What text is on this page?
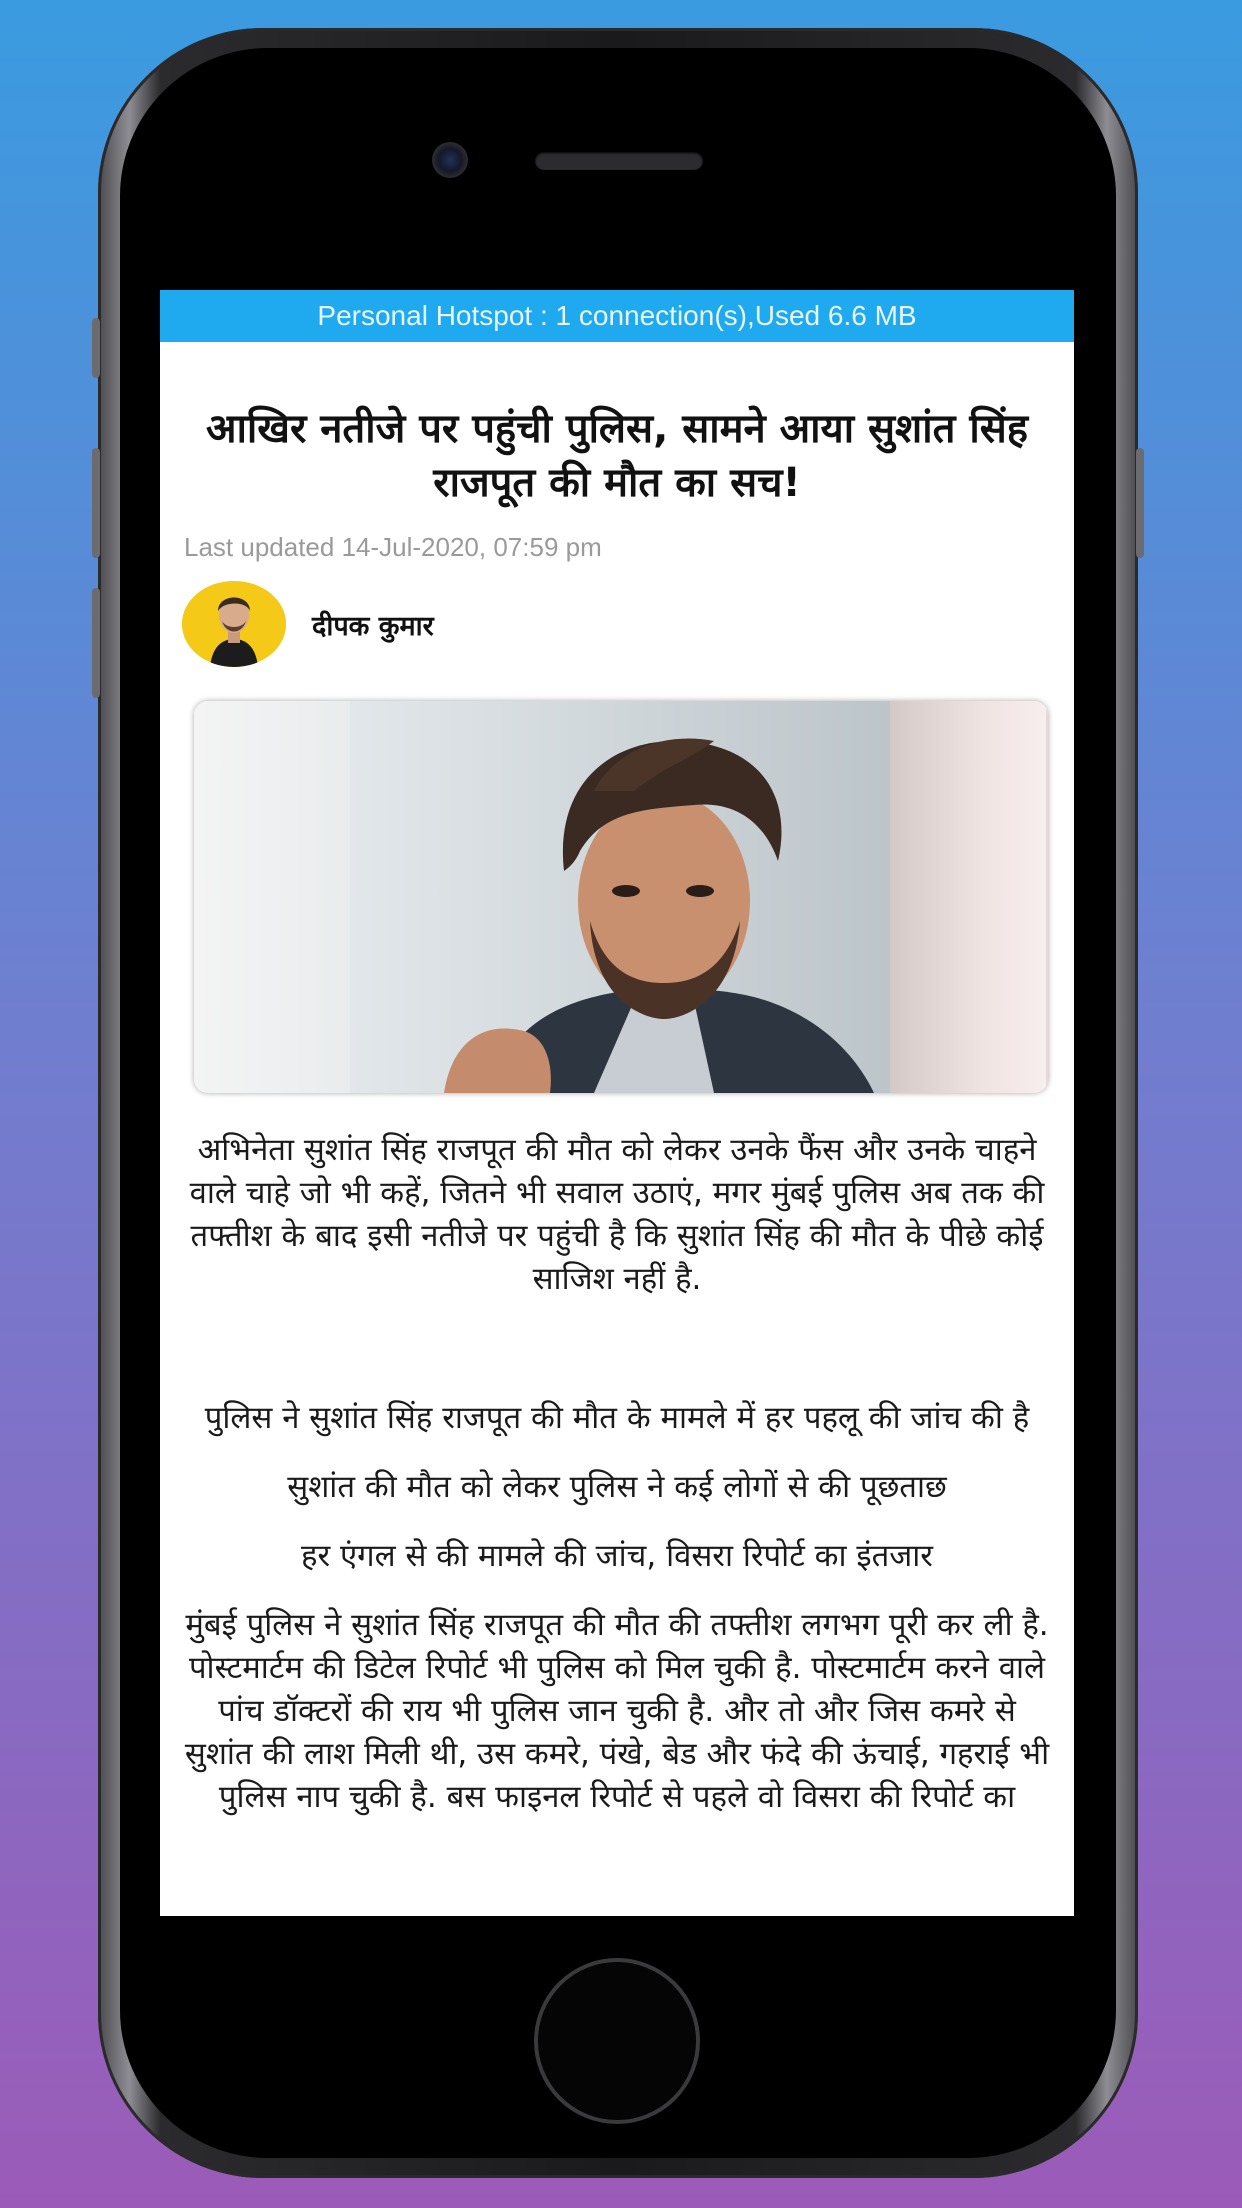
Personal Hotspot : 1 connection(s),Used 6.6 MB
आखिर नतीजे पर पहुंची पुलिस, सामने आया सुशांत सिंह राजपूत की मौत का सच!
Last updated 14-Jul-2020, 07:59 pm
दीपक कुमार

अभिनेता सुशांत सिंह राजपूत की मौत को लेकर उनके फैंस और उनके चाहने वाले चाहे जो भी कहें, जितने भी सवाल उठाएं, मगर मुंबई पुलिस अब तक की तफ्तीश के बाद इसी नतीजे पर पहुंची है कि सुशांत सिंह की मौत के पीछे कोई साजिश नहीं है.

पुलिस ने सुशांत सिंह राजपूत की मौत के मामले में हर पहलू की जांच की है

सुशांत की मौत को लेकर पुलिस ने कई लोगों से की पूछताछ

हर एंगल से की मामले की जांच, विसरा रिपोर्ट का इंतजार

मुंबई पुलिस ने सुशांत सिंह राजपूत की मौत की तफ्तीश लगभग पूरी कर ली है. पोस्टमार्टम की डिटेल रिपोर्ट भी पुलिस को मिल चुकी है. पोस्टमार्टम करने वाले पांच डॉक्टरों की राय भी पुलिस जान चुकी है. और तो और जिस कमरे से सुशांत की लाश मिली थी, उस कमरे, पंखे, बेड और फंदे की ऊंचाई, गहराई भी पुलिस नाप चुकी है. बस फाइनल रिपोर्ट से पहले वो विसरा की रिपोर्ट का
